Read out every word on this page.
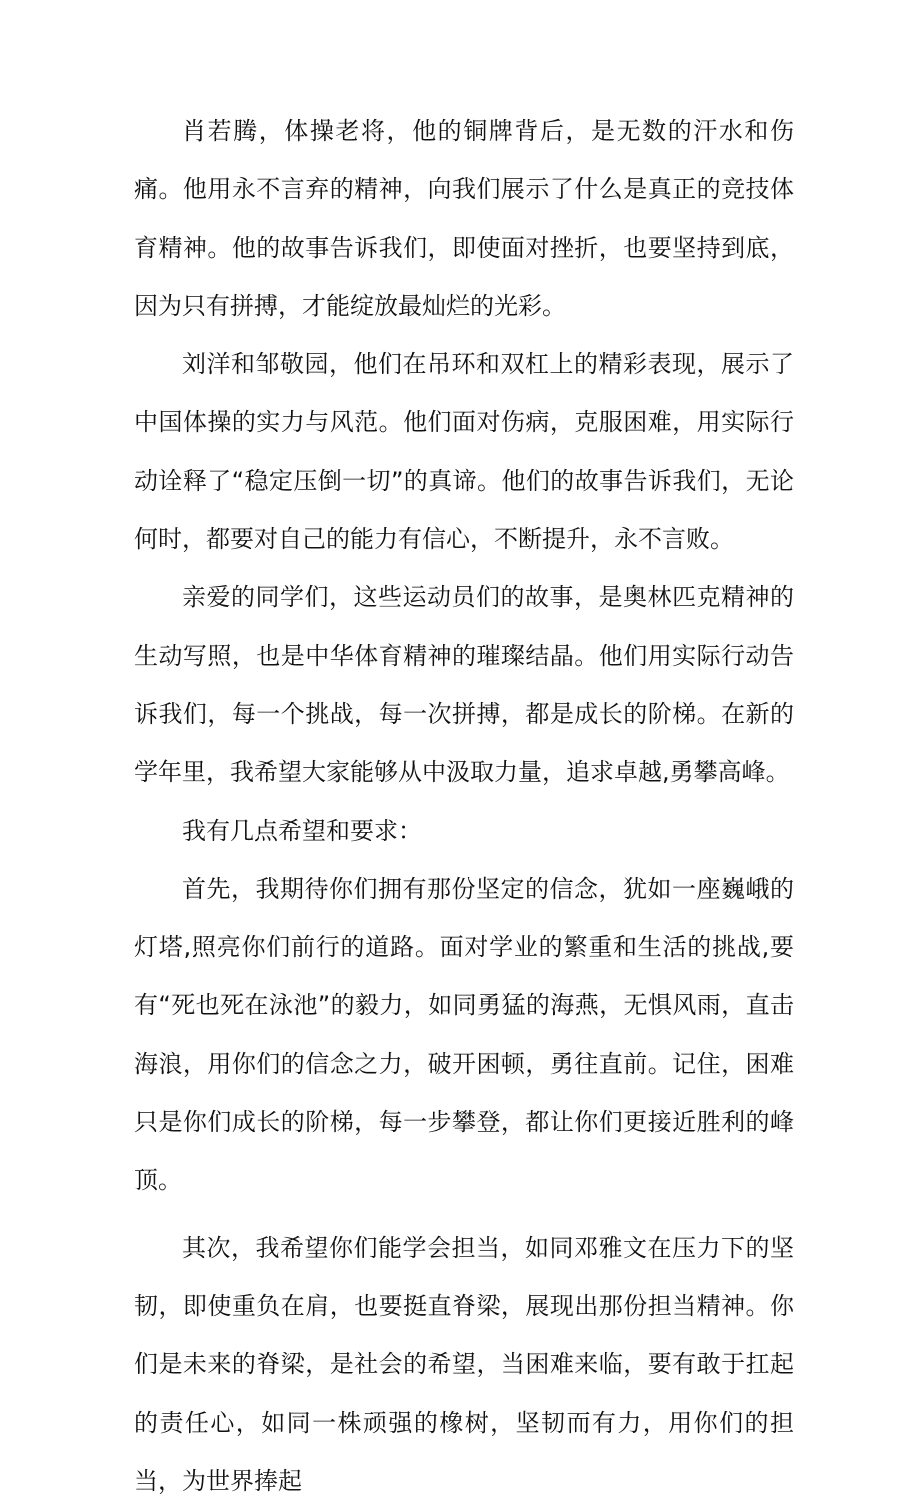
肖若腾，体操老将，他的铜牌背后，是无数的汗水和伤痛。他用永不言弃的精神，向我们展示了什么是真正的竞技体育精神。他的故事告诉我们，即使面对挫折，也要坚持到底，因为只有拼搏，才能绽放最灿烂的光彩。

刘洋和邹敬园，他们在吊环和双杠上的精彩表现，展示了中国体操的实力与风范。他们面对伤病，克服困难，用实际行动诠释了“稳定压倒一切”的真谛。他们的故事告诉我们，无论何时，都要对自己的能力有信心，不断提升，永不言败。

亲爱的同学们，这些运动员们的故事，是奥林匹克精神的生动写照，也是中华体育精神的璀璨结晶。他们用实际行动告诉我们，每一个挑战，每一次拼搏，都是成长的阶梯。在新的学年里，我希望大家能够从中汲取力量，追求卓越,勇攀高峰。

我有几点希望和要求：

首先，我期待你们拥有那份坚定的信念，犹如一座巍峨的灯塔,照亮你们前行的道路。面对学业的繁重和生活的挑战,要有“死也死在泳池”的毅力，如同勇猛的海燕，无惧风雨，直击海浪，用你们的信念之力，破开困顿，勇往直前。记住，困难只是你们成长的阶梯，每一步攀登，都让你们更接近胜利的峰顶。

其次，我希望你们能学会担当，如同邓雅文在压力下的坚韧，即使重负在肩，也要挺直脊梁，展现出那份担当精神。你们是未来的脊梁，是社会的希望，当困难来临，要有敢于扛起的责任心，如同一株顽强的橡树，坚韧而有力，用你们的担当，为世界捧起
